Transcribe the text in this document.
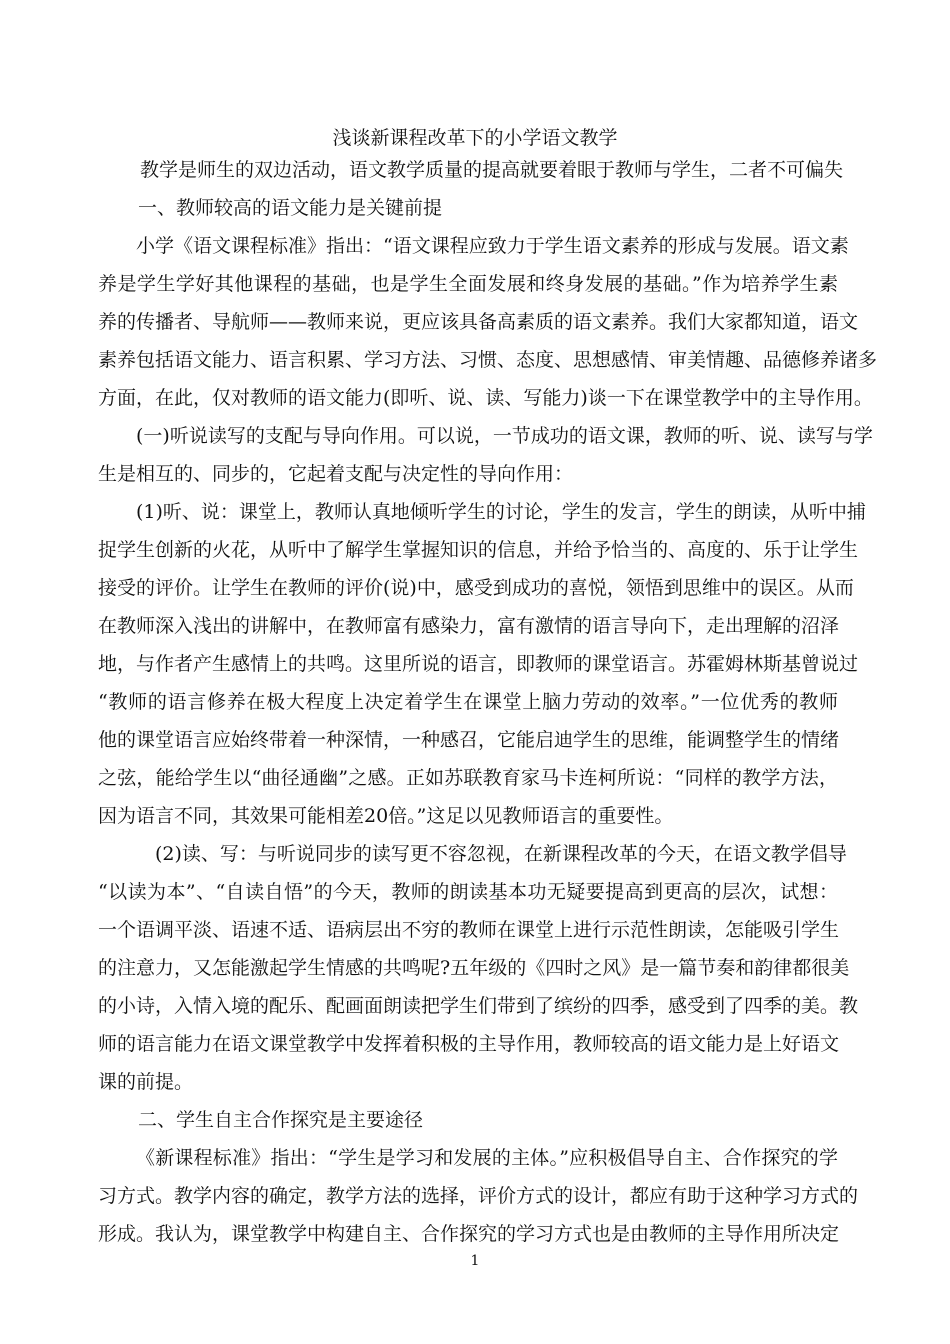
浅谈新课程改革下的小学语文教学
教学是师生的双边活动，语文教学质量的提高就要着眼于教师与学生，二者不可偏失
一、教师较高的语文能力是关键前提
小学《语文课程标准》指出：“语文课程应致力于学生语文素养的形成与发展。语文素
养是学生学好其他课程的基础，也是学生全面发展和终身发展的基础。”作为培养学生素
养的传播者、导航师——教师来说，更应该具备高素质的语文素养。我们大家都知道，语文
素养包括语文能力、语言积累、学习方法、习惯、态度、思想感情、审美情趣、品德修养诸多
方面，在此，仅对教师的语文能力(即听、说、读、写能力)谈一下在课堂教学中的主导作用。
(一)听说读写的支配与导向作用。可以说，一节成功的语文课，教师的听、说、读写与学
生是相互的、同步的，它起着支配与决定性的导向作用：
(1)听、说：课堂上，教师认真地倾听学生的讨论，学生的发言，学生的朗读，从听中捕
捉学生创新的火花，从听中了解学生掌握知识的信息，并给予恰当的、高度的、乐于让学生
接受的评价。让学生在教师的评价(说)中，感受到成功的喜悦，领悟到思维中的误区。从而
在教师深入浅出的讲解中，在教师富有感染力，富有激情的语言导向下，走出理解的沼泽
地，与作者产生感情上的共鸣。这里所说的语言，即教师的课堂语言。苏霍姆林斯基曾说过
“教师的语言修养在极大程度上决定着学生在课堂上脑力劳动的效率。”一位优秀的教师
他的课堂语言应始终带着一种深情，一种感召，它能启迪学生的思维，能调整学生的情绪
之弦，能给学生以“曲径通幽”之感。正如苏联教育家马卡连柯所说：“同样的教学方法，
因为语言不同，其效果可能相差20倍。”这足以见教师语言的重要性。
(2)读、写：与听说同步的读写更不容忽视，在新课程改革的今天，在语文教学倡导
“以读为本”、“自读自悟”的今天，教师的朗读基本功无疑要提高到更高的层次，试想：
一个语调平淡、语速不适、语病层出不穷的教师在课堂上进行示范性朗读，怎能吸引学生
的注意力，又怎能激起学生情感的共鸣呢?五年级的《四时之风》是一篇节奏和韵律都很美
的小诗，入情入境的配乐、配画面朗读把学生们带到了缤纷的四季，感受到了四季的美。教
师的语言能力在语文课堂教学中发挥着积极的主导作用，教师较高的语文能力是上好语文
课的前提。
二、学生自主合作探究是主要途径
《新课程标准》指出：“学生是学习和发展的主体。”应积极倡导自主、合作探究的学
习方式。教学内容的确定，教学方法的选择，评价方式的设计，都应有助于这种学习方式的
形成。我认为，课堂教学中构建自主、合作探究的学习方式也是由教师的主导作用所决定
1
